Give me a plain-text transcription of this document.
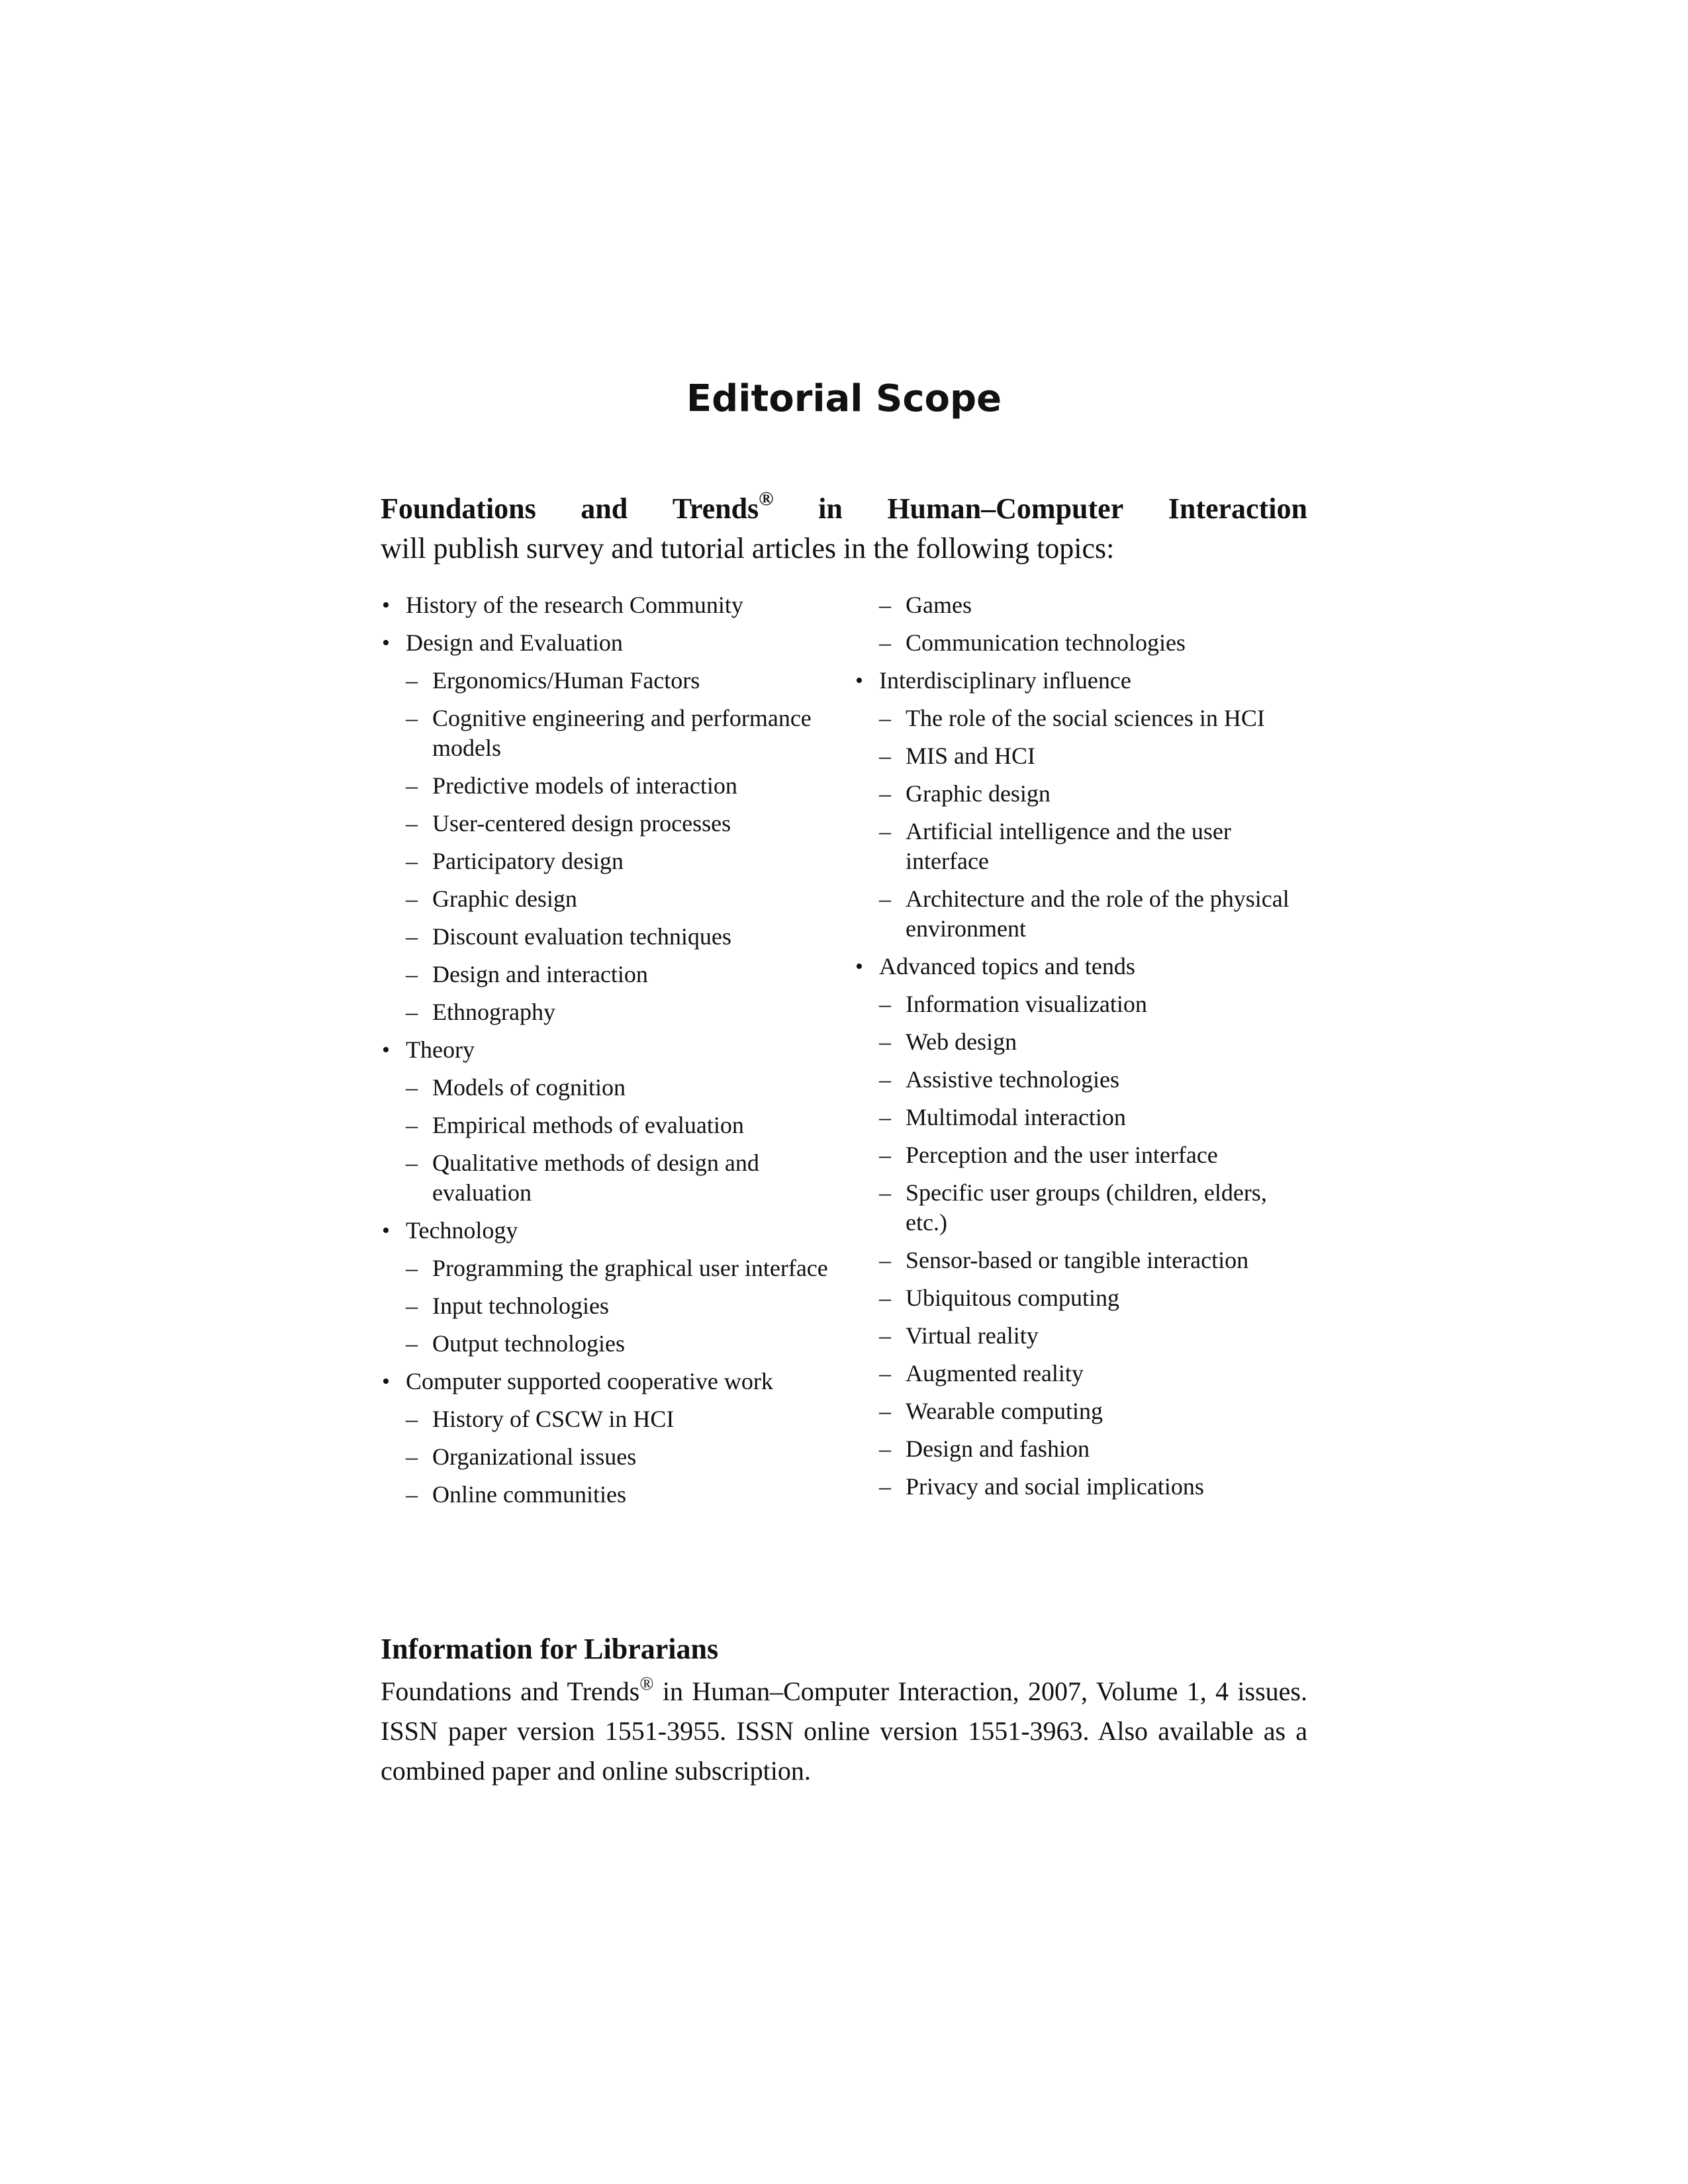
Editorial Scope
Foundations and Trends® in Human–Computer Interaction
will publish survey and tutorial articles in the following topics:
• History of the research Community
• Design and Evaluation
– Ergonomics/Human Factors
– Cognitive engineering and performance models
– Predictive models of interaction
– User-centered design processes
– Participatory design
– Graphic design
– Discount evaluation techniques
– Design and interaction
– Ethnography
• Theory
– Models of cognition
– Empirical methods of evaluation
– Qualitative methods of design and evaluation
• Technology
– Programming the graphical user interface
– Input technologies
– Output technologies
• Computer supported cooperative work
– History of CSCW in HCI
– Organizational issues
– Online communities
– Games
– Communication technologies
• Interdisciplinary influence
– The role of the social sciences in HCI
– MIS and HCI
– Graphic design
– Artificial intelligence and the user interface
– Architecture and the role of the physical environment
• Advanced topics and tends
– Information visualization
– Web design
– Assistive technologies
– Multimodal interaction
– Perception and the user interface
– Specific user groups (children, elders, etc.)
– Sensor-based or tangible interaction
– Ubiquitous computing
– Virtual reality
– Augmented reality
– Wearable computing
– Design and fashion
– Privacy and social implications
Information for Librarians
Foundations and Trends® in Human–Computer Interaction, 2007, Volume 1, 4 issues. ISSN paper version 1551-3955. ISSN online version 1551-3963. Also available as a combined paper and online subscription.
